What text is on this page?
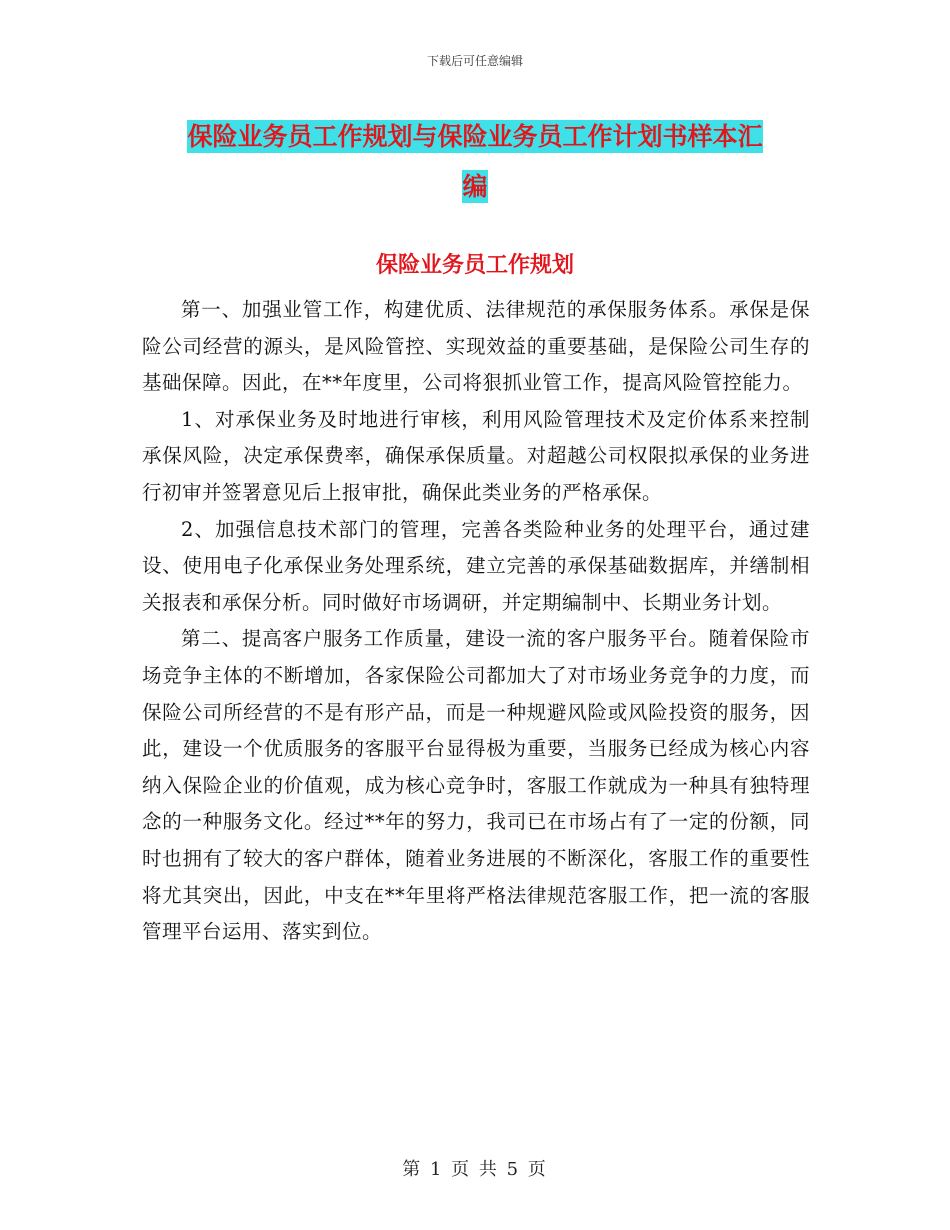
下载后可任意编辑
保险业务员工作规划与保险业务员工作计划书样本汇
编
保险业务员工作规划

第一、加强业管工作，构建优质、法律规范的承保服务体系。承保是保险公司经营的源头，是风险管控、实现效益的重要基础，是保险公司生存的基础保障。因此，在**年度里，公司将狠抓业管工作，提高风险管控能力。

1、对承保业务及时地进行审核，利用风险管理技术及定价体系来控制承保风险，决定承保费率，确保承保质量。对超越公司权限拟承保的业务进行初审并签署意见后上报审批，确保此类业务的严格承保。

2、加强信息技术部门的管理，完善各类险种业务的处理平台，通过建设、使用电子化承保业务处理系统，建立完善的承保基础数据库，并缮制相关报表和承保分析。同时做好市场调研，并定期编制中、长期业务计划。

第二、提高客户服务工作质量，建设一流的客户服务平台。随着保险市场竞争主体的不断增加，各家保险公司都加大了对市场业务竞争的力度，而保险公司所经营的不是有形产品，而是一种规避风险或风险投资的服务，因此，建设一个优质服务的客服平台显得极为重要，当服务已经成为核心内容纳入保险企业的价值观，成为核心竞争时，客服工作就成为一种具有独特理念的一种服务文化。经过**年的努力，我司已在市场占有了一定的份额，同时也拥有了较大的客户群体，随着业务进展的不断深化，客服工作的重要性将尤其突出，因此，中支在**年里将严格法律规范客服工作，把一流的客服管理平台运用、落实到位。

第 1 页 共 5 页
